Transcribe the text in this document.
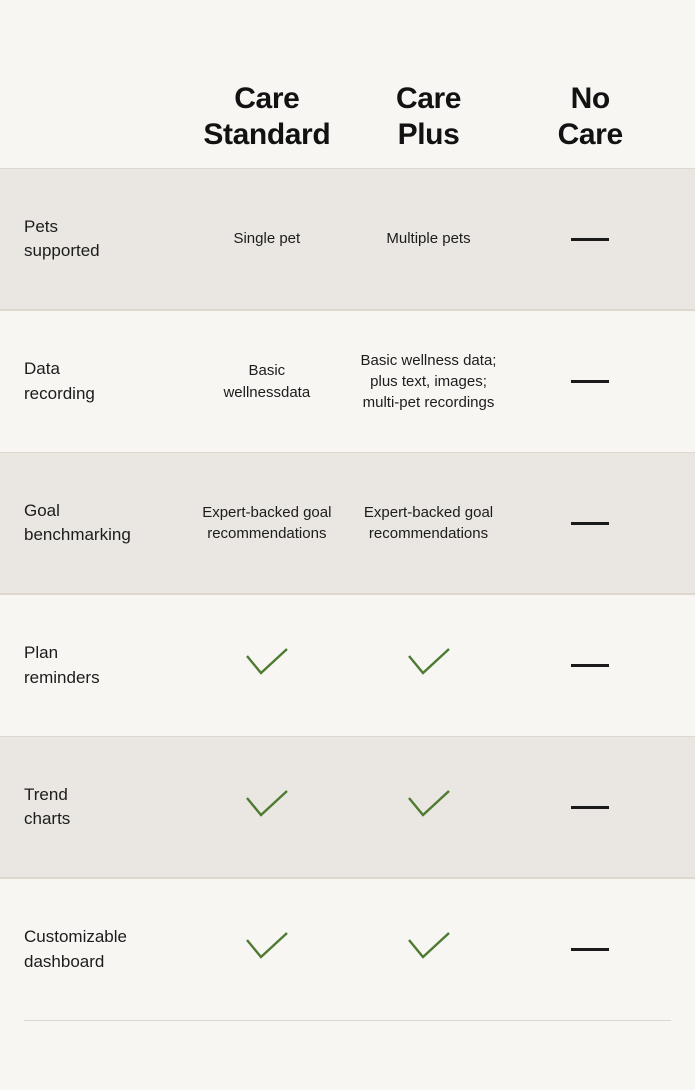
Care
Standard
Care
Plus
No
Care
Pets
supported
Single pet	Multiple pets
Data
recording
Basic
wellnessdata
Basic wellness data;
plus text, images;
multi-pet recordings
Goal
benchmarking
Expert-backed goal
recommendations
Expert-backed goal
recommendations
Plan
reminders
Trend
charts
Customizable
dashboard
